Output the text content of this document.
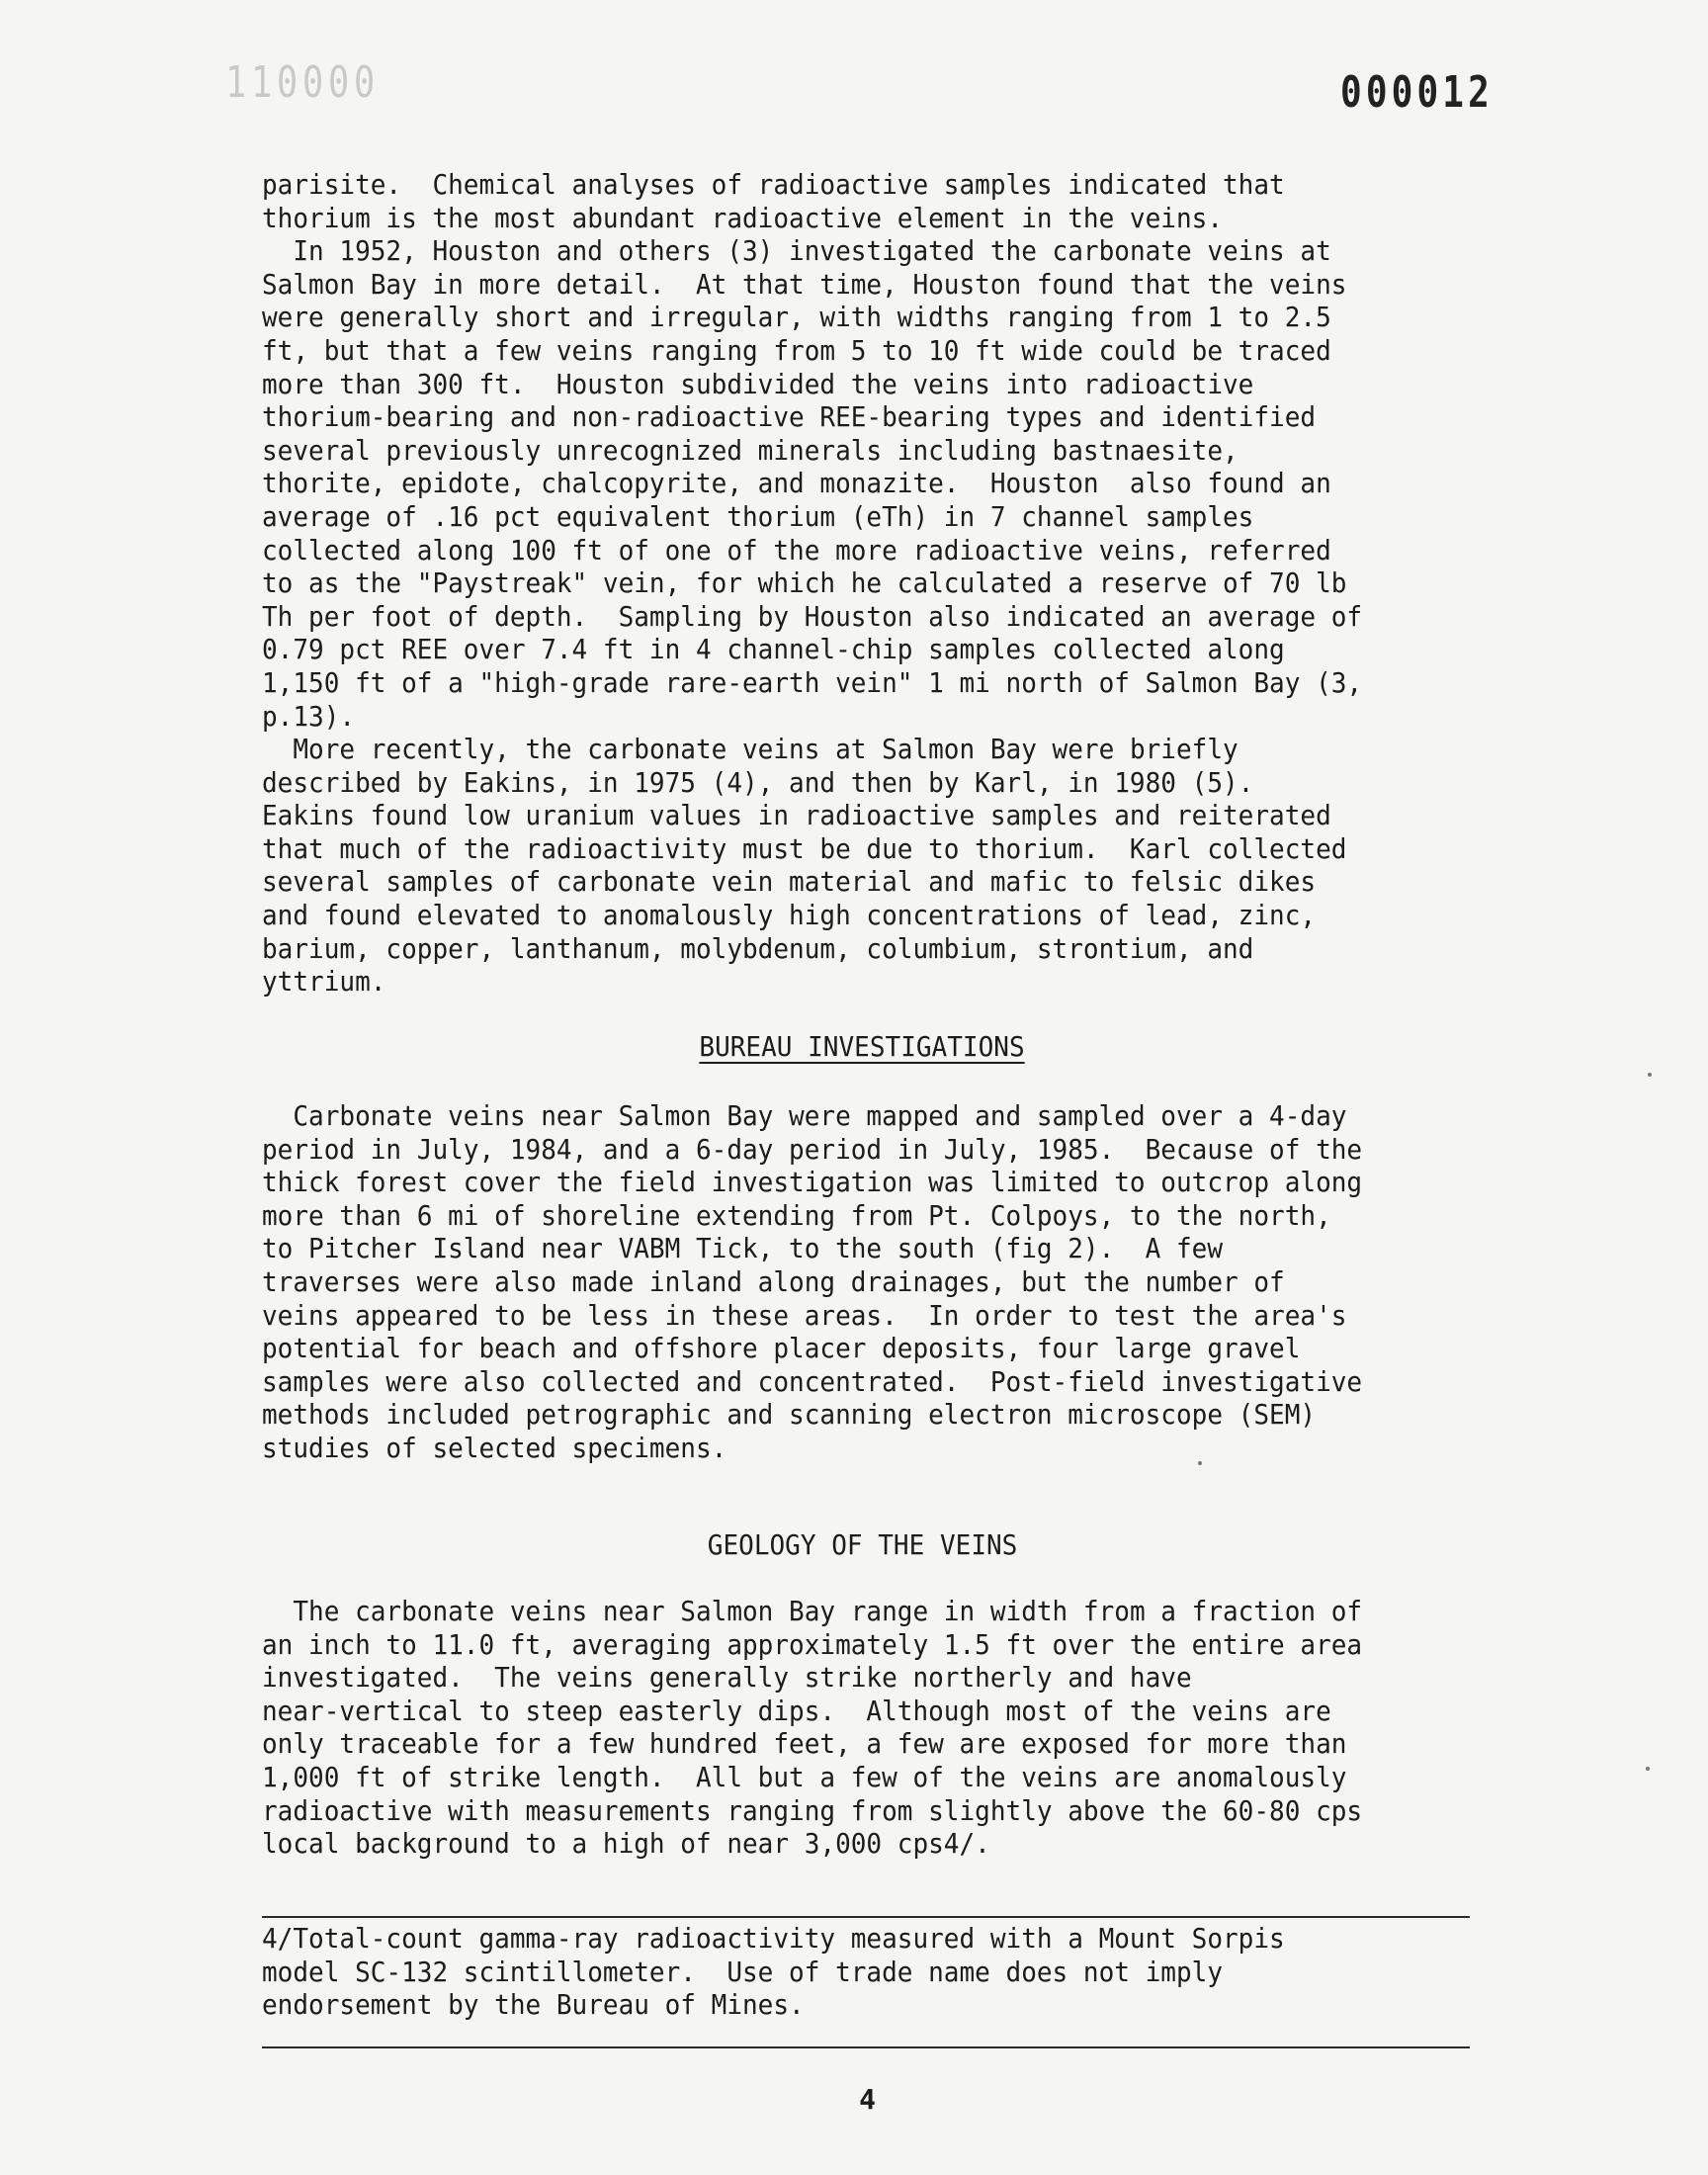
110000	000012
parisite.  Chemical analyses of radioactive samples indicated that
thorium is the most abundant radioactive element in the veins.
In 1952, Houston and others (3) investigated the carbonate veins at
Salmon Bay in more detail.  At that time, Houston found that the veins
were generally short and irregular, with widths ranging from 1 to 2.5
ft, but that a few veins ranging from 5 to 10 ft wide could be traced
more than 300 ft.  Houston subdivided the veins into radioactive
thorium-bearing and non-radioactive REE-bearing types and identified
several previously unrecognized minerals including bastnaesite,
thorite, epidote, chalcopyrite, and monazite.  Houston  also found an
average of .16 pct equivalent thorium (eTh) in 7 channel samples
collected along 100 ft of one of the more radioactive veins, referred
to as the "Paystreak" vein, for which he calculated a reserve of 70 lb
Th per foot of depth.  Sampling by Houston also indicated an average of
0.79 pct REE over 7.4 ft in 4 channel-chip samples collected along
1,150 ft of a "high-grade rare-earth vein" 1 mi north of Salmon Bay (3,
p.13).
More recently, the carbonate veins at Salmon Bay were briefly
described by Eakins, in 1975 (4), and then by Karl, in 1980 (5).
Eakins found low uranium values in radioactive samples and reiterated
that much of the radioactivity must be due to thorium.  Karl collected
several samples of carbonate vein material and mafic to felsic dikes
and found elevated to anomalously high concentrations of lead, zinc,
barium, copper, lanthanum, molybdenum, columbium, strontium, and
yttrium.
BUREAU INVESTIGATIONS
Carbonate veins near Salmon Bay were mapped and sampled over a 4-day
period in July, 1984, and a 6-day period in July, 1985.  Because of the
thick forest cover the field investigation was limited to outcrop along
more than 6 mi of shoreline extending from Pt. Colpoys, to the north,
to Pitcher Island near VABM Tick, to the south (fig 2).  A few
traverses were also made inland along drainages, but the number of
veins appeared to be less in these areas.  In order to test the area's
potential for beach and offshore placer deposits, four large gravel
samples were also collected and concentrated.  Post-field investigative
methods included petrographic and scanning electron microscope (SEM)
studies of selected specimens.
GEOLOGY OF THE VEINS
The carbonate veins near Salmon Bay range in width from a fraction of
an inch to 11.0 ft, averaging approximately 1.5 ft over the entire area
investigated.  The veins generally strike northerly and have
near-vertical to steep easterly dips.  Although most of the veins are
only traceable for a few hundred feet, a few are exposed for more than
1,000 ft of strike length.  All but a few of the veins are anomalously
radioactive with measurements ranging from slightly above the 60-80 cps
local background to a high of near 3,000 cps4/.
4/Total-count gamma-ray radioactivity measured with a Mount Sorpis
model SC-132 scintillometer.  Use of trade name does not imply
endorsement by the Bureau of Mines.
4
